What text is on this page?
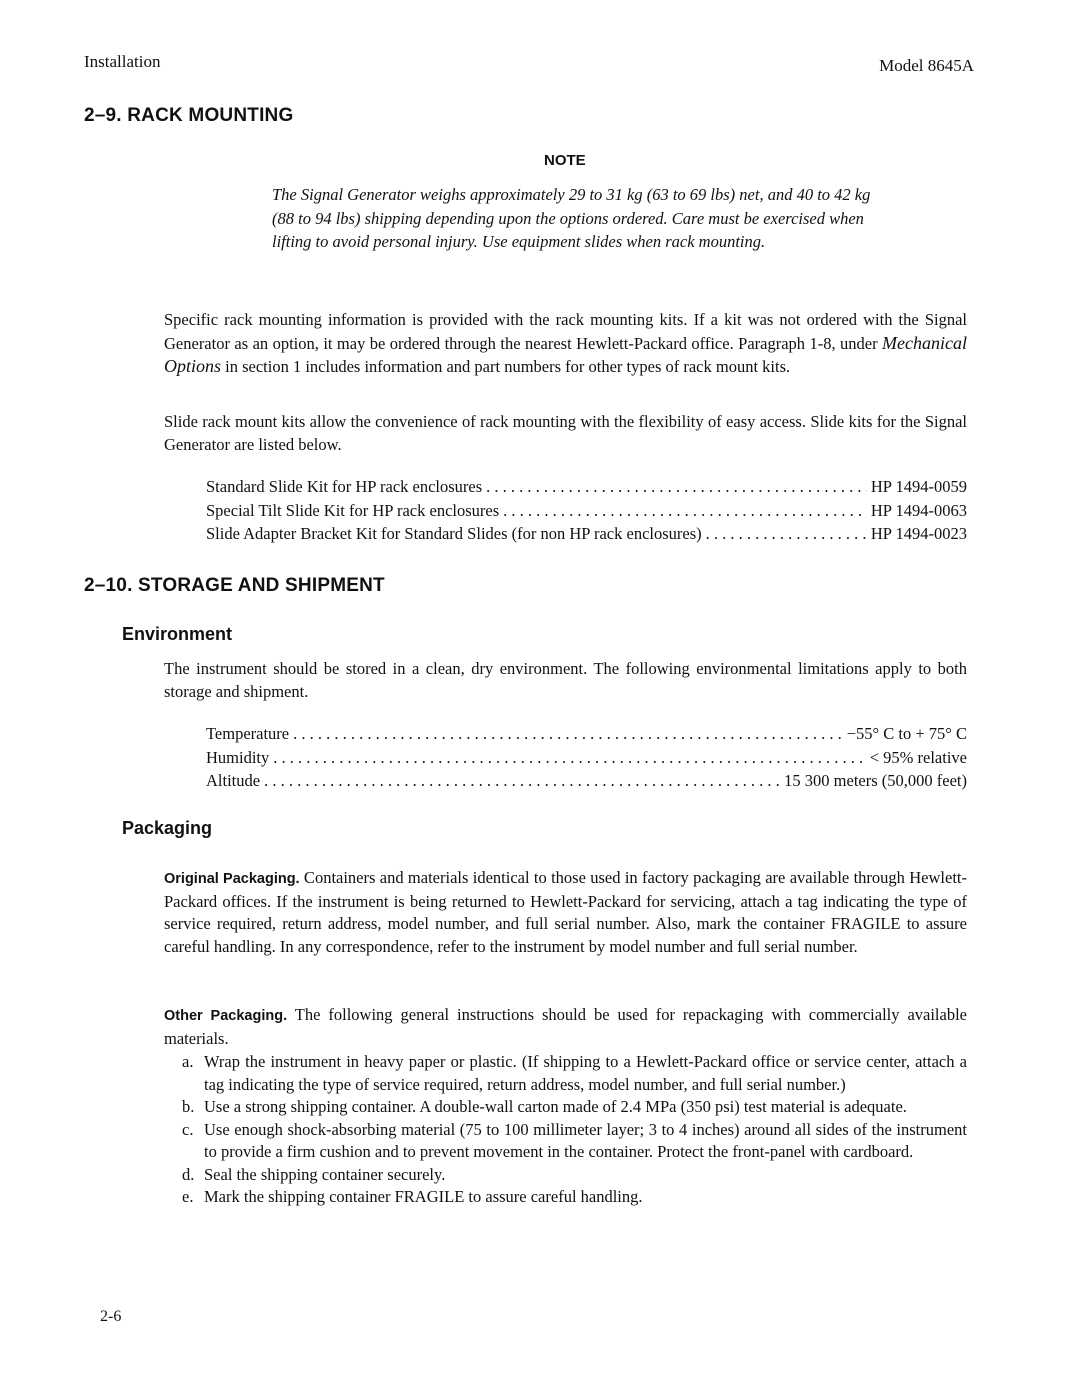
Installation	Model 8645A
2–9. RACK MOUNTING
NOTE
The Signal Generator weighs approximately 29 to 31 kg (63 to 69 lbs) net, and 40 to 42 kg (88 to 94 lbs) shipping depending upon the options ordered. Care must be exercised when lifting to avoid personal injury. Use equipment slides when rack mounting.
Specific rack mounting information is provided with the rack mounting kits. If a kit was not ordered with the Signal Generator as an option, it may be ordered through the nearest Hewlett-Packard office. Paragraph 1-8, under Mechanical Options in section 1 includes information and part numbers for other types of rack mount kits.
Slide rack mount kits allow the convenience of rack mounting with the flexibility of easy access. Slide kits for the Signal Generator are listed below.
Standard Slide Kit for HP rack enclosures . . .	HP 1494-0059
Special Tilt Slide Kit for HP rack enclosures . . .	HP 1494-0063
Slide Adapter Bracket Kit for Standard Slides (for non HP rack enclosures) . . .	HP 1494-0023
2–10. STORAGE AND SHIPMENT
Environment
The instrument should be stored in a clean, dry environment. The following environmental limitations apply to both storage and shipment.
Temperature . . .	−55° C to + 75° C
Humidity . . .	< 95% relative
Altitude . . .	15 300 meters (50,000 feet)
Packaging
Original Packaging. Containers and materials identical to those used in factory packaging are available through Hewlett-Packard offices. If the instrument is being returned to Hewlett-Packard for servicing, attach a tag indicating the type of service required, return address, model number, and full serial number. Also, mark the container FRAGILE to assure careful handling. In any correspondence, refer to the instrument by model number and full serial number.
Other Packaging. The following general instructions should be used for repackaging with commercially available materials.
a. Wrap the instrument in heavy paper or plastic. (If shipping to a Hewlett-Packard office or service center, attach a tag indicating the type of service required, return address, model number, and full serial number.)
b. Use a strong shipping container. A double-wall carton made of 2.4 MPa (350 psi) test material is adequate.
c. Use enough shock-absorbing material (75 to 100 millimeter layer; 3 to 4 inches) around all sides of the instrument to provide a firm cushion and to prevent movement in the container. Protect the front-panel with cardboard.
d. Seal the shipping container securely.
e. Mark the shipping container FRAGILE to assure careful handling.
2-6
